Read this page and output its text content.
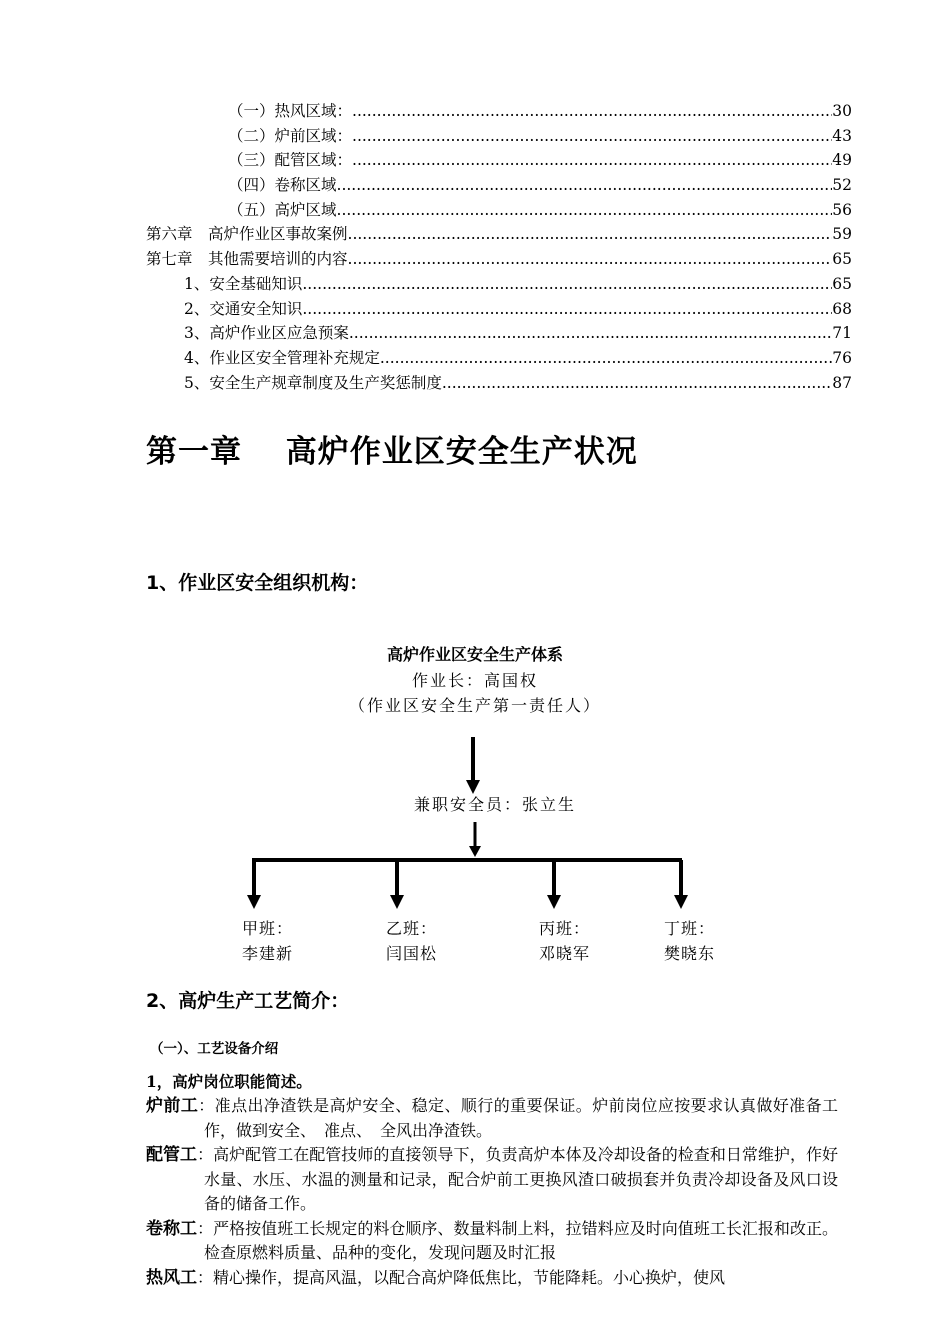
（一）热风区域： .....	30
（二）炉前区域： .....	43
（三）配管区域： .....	49
（四）卷称区域 .....	52
（五）高炉区域 .....	56
第六章　高炉作业区事故案例 .....	59
第七章　其他需要培训的内容 .....	65
1、安全基础知识 .....	65
2、交通安全知识 .....	68
3、高炉作业区应急预案 .....	71
4、作业区安全管理补充规定 .....	76
5、安全生产规章制度及生产奖惩制度 .....	87
第一章　 高炉作业区安全生产状况
1、作业区安全组织机构：
高炉作业区安全生产体系
作业长：高国权
（作业区安全生产第一责任人）
兼职安全员：张立生
甲班：
李建新
乙班：
闫国松
丙班：
邓晓军
丁班：
樊晓东
2、高炉生产工艺简介：
（一）、工艺设备介绍
1，高炉岗位职能简述。
炉前工：准点出净渣铁是高炉安全、稳定、顺行的重要保证。炉前岗位应按要求认真做好准备工作，做到安全、　准点、　全风出净渣铁。
配管工：高炉配管工在配管技师的直接领导下，负责高炉本体及冷却设备的检查和日常维护，作好水量、水压、水温的测量和记录，配合炉前工更换风渣口破损套并负责冷却设备及风口设备的储备工作。
卷称工：严格按值班工长规定的料仓顺序、数量料制上料，拉错料应及时向值班工长汇报和改正。检查原燃料质量、品种的变化，发现问题及时汇报
热风工：精心操作，提高风温，以配合高炉降低焦比，节能降耗。小心换炉，使风
